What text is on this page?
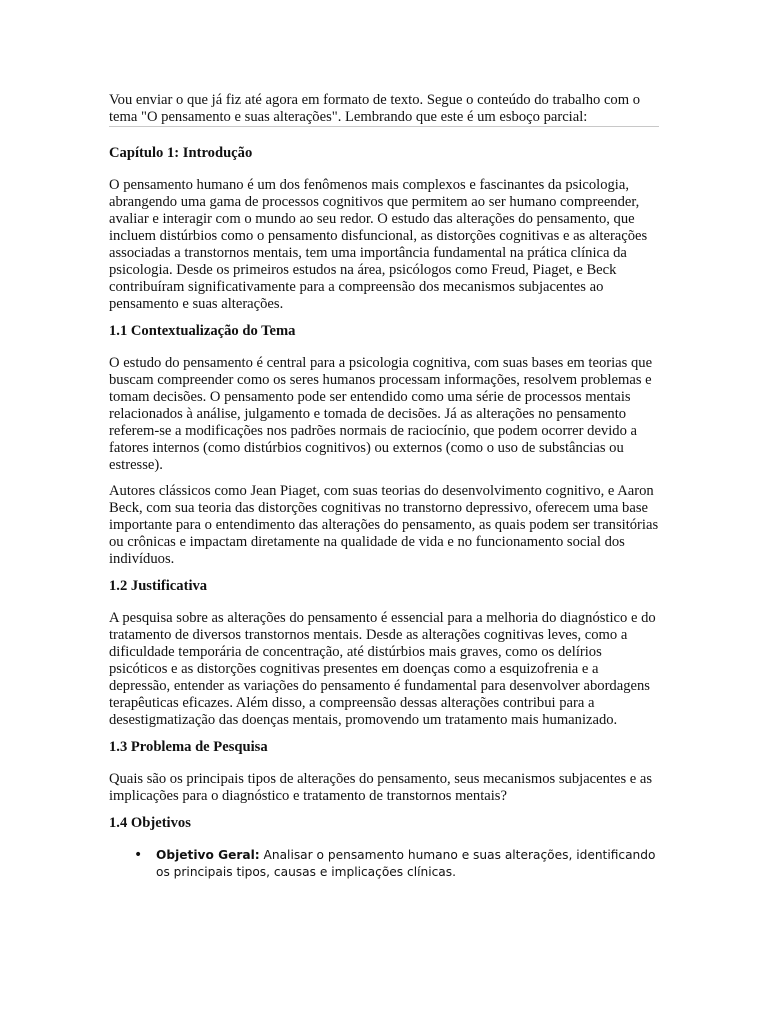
Vou enviar o que já fiz até agora em formato de texto. Segue o conteúdo do trabalho com o tema "O pensamento e suas alterações". Lembrando que este é um esboço parcial:

Capítulo 1: Introdução

O pensamento humano é um dos fenômenos mais complexos e fascinantes da psicologia, abrangendo uma gama de processos cognitivos que permitem ao ser humano compreender, avaliar e interagir com o mundo ao seu redor. O estudo das alterações do pensamento, que incluem distúrbios como o pensamento disfuncional, as distorções cognitivas e as alterações associadas a transtornos mentais, tem uma importância fundamental na prática clínica da psicologia. Desde os primeiros estudos na área, psicólogos como Freud, Piaget, e Beck contribuíram significativamente para a compreensão dos mecanismos subjacentes ao pensamento e suas alterações.

1.1 Contextualização do Tema

O estudo do pensamento é central para a psicologia cognitiva, com suas bases em teorias que buscam compreender como os seres humanos processam informações, resolvem problemas e tomam decisões. O pensamento pode ser entendido como uma série de processos mentais relacionados à análise, julgamento e tomada de decisões. Já as alterações no pensamento referem-se a modificações nos padrões normais de raciocínio, que podem ocorrer devido a fatores internos (como distúrbios cognitivos) ou externos (como o uso de substâncias ou estresse).

Autores clássicos como Jean Piaget, com suas teorias do desenvolvimento cognitivo, e Aaron Beck, com sua teoria das distorções cognitivas no transtorno depressivo, oferecem uma base importante para o entendimento das alterações do pensamento, as quais podem ser transitórias ou crônicas e impactam diretamente na qualidade de vida e no funcionamento social dos indivíduos.

1.2 Justificativa

A pesquisa sobre as alterações do pensamento é essencial para a melhoria do diagnóstico e do tratamento de diversos transtornos mentais. Desde as alterações cognitivas leves, como a dificuldade temporária de concentração, até distúrbios mais graves, como os delírios psicóticos e as distorções cognitivas presentes em doenças como a esquizofrenia e a depressão, entender as variações do pensamento é fundamental para desenvolver abordagens terapêuticas eficazes. Além disso, a compreensão dessas alterações contribui para a desestigmatização das doenças mentais, promovendo um tratamento mais humanizado.

1.3 Problema de Pesquisa

Quais são os principais tipos de alterações do pensamento, seus mecanismos subjacentes e as implicações para o diagnóstico e tratamento de transtornos mentais?

1.4 Objetivos
• Objetivo Geral: Analisar o pensamento humano e suas alterações, identificando os principais tipos, causas e implicações clínicas.
